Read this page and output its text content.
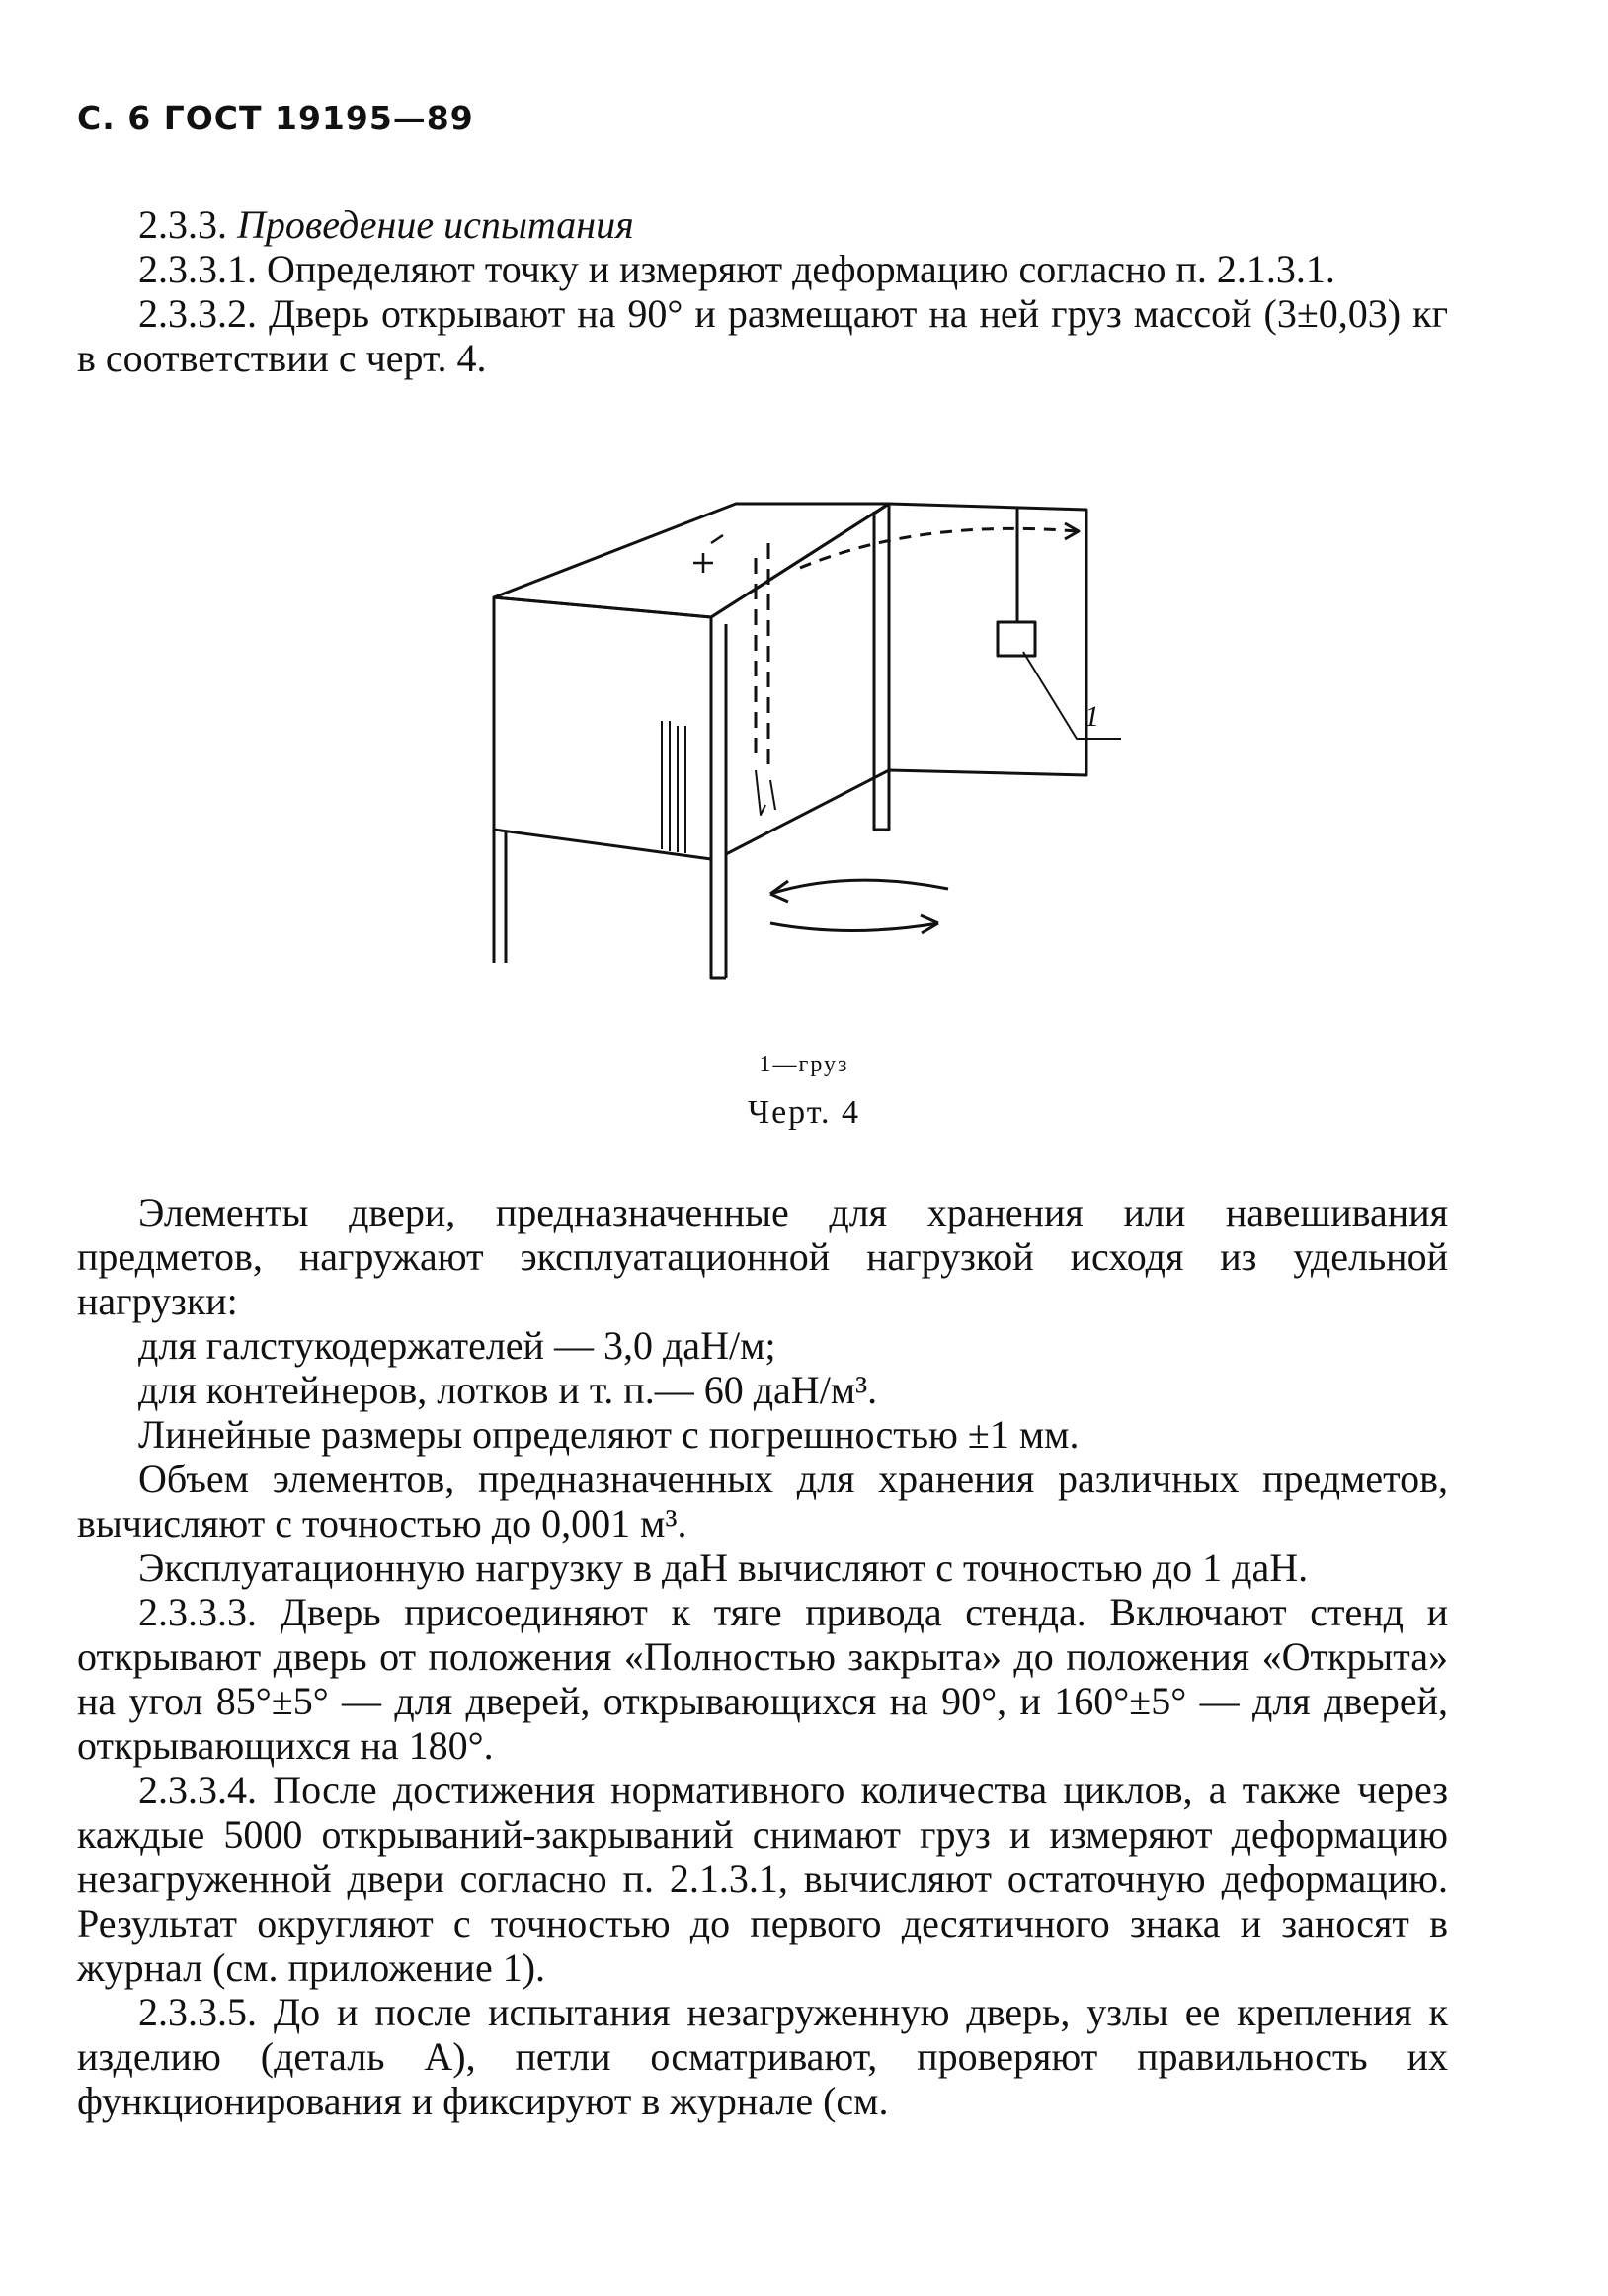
С. 6 ГОСТ 19195—89

2.3.3. Проведение испытания

2.3.3.1. Определяют точку и измеряют деформацию согласно п. 2.1.3.1.

2.3.3.2. Дверь открывают на 90° и размещают на ней груз массой (3±0,03) кг в соответствии с черт. 4.

1
1—груз
Черт. 4

Элементы двери, предназначенные для хранения или навешивания предметов, нагружают эксплуатационной нагрузкой исходя из удельной нагрузки:

для галстукодержателей — 3,0 даН/м;

для контейнеров, лотков и т. п.— 60 даН/м³.

Линейные размеры определяют с погрешностью ±1 мм.

Объем элементов, предназначенных для хранения различных предметов, вычисляют с точностью до 0,001 м³.

Эксплуатационную нагрузку в даН вычисляют с точностью до 1 даН.

2.3.3.3. Дверь присоединяют к тяге привода стенда. Включают стенд и открывают дверь от положения «Полностью закрыта» до положения «Открыта» на угол 85°±5° — для дверей, открывающихся на 90°, и 160°±5° — для дверей, открывающихся на 180°.

2.3.3.4. После достижения нормативного количества циклов, а также через каждые 5000 открываний-закрываний снимают груз и измеряют деформацию незагруженной двери согласно п. 2.1.3.1, вычисляют остаточную деформацию. Результат округляют с точностью до первого десятичного знака и заносят в журнал (см. приложение 1).

2.3.3.5. До и после испытания незагруженную дверь, узлы ее крепления к изделию (деталь А), петли осматривают, проверяют правильность их функционирования и фиксируют в журнале (см.
